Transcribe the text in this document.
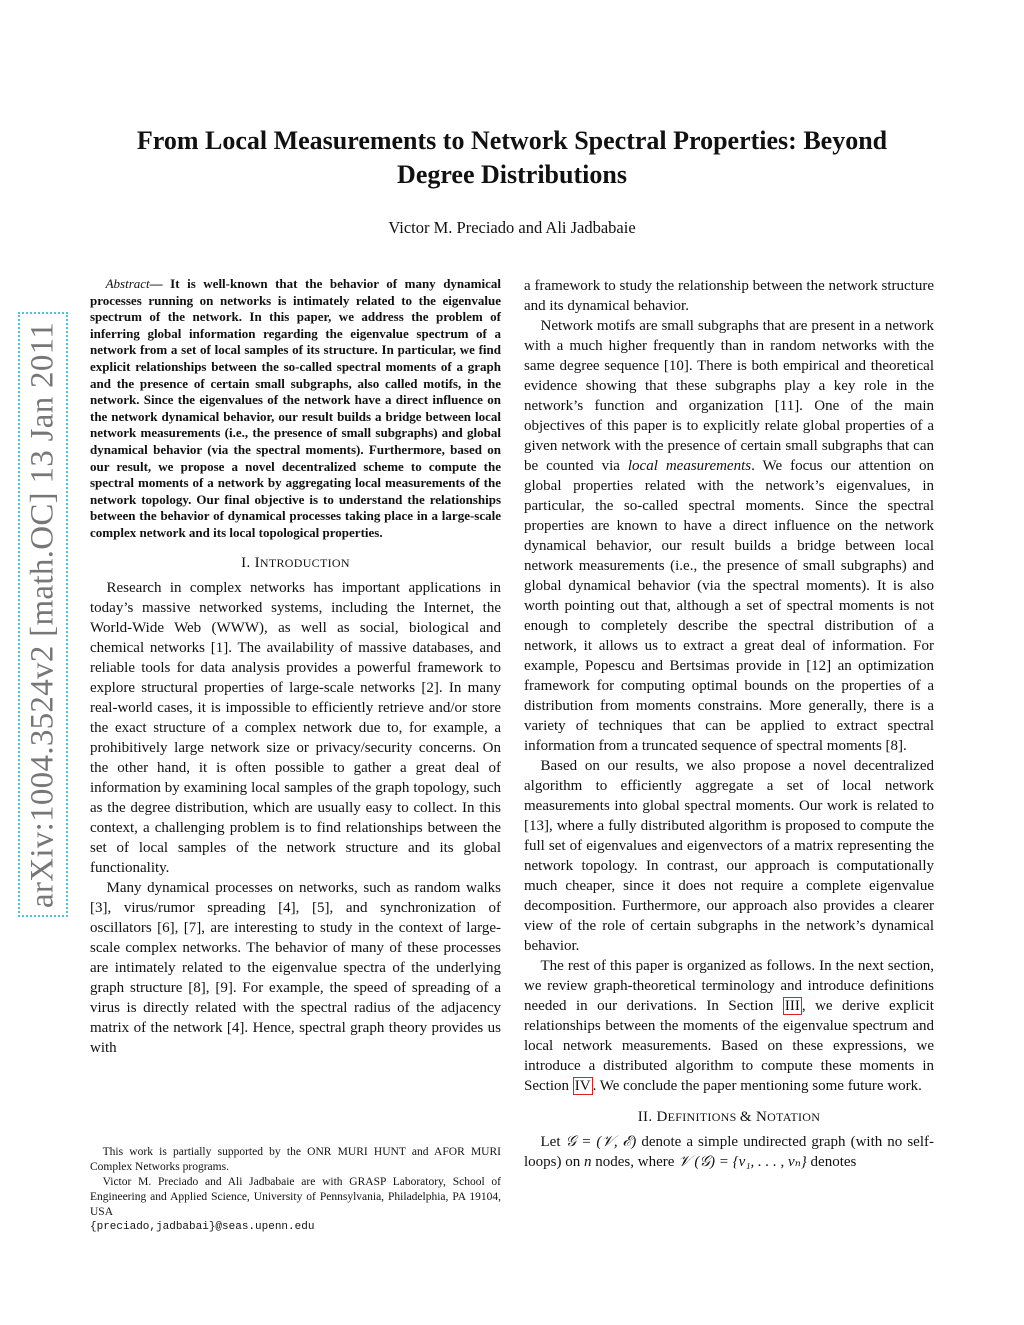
arXiv:1004.3524v2 [math.OC] 13 Jan 2011
From Local Measurements to Network Spectral Properties: Beyond
Degree Distributions
Victor M. Preciado and Ali Jadbabaie

Abstract— It is well-known that the behavior of many dynamical processes running on networks is intimately related to the eigenvalue spectrum of the network. In this paper, we address the problem of inferring global information regarding the eigenvalue spectrum of a network from a set of local samples of its structure. In particular, we find explicit relationships between the so-called spectral moments of a graph and the presence of certain small subgraphs, also called motifs, in the network. Since the eigenvalues of the network have a direct influence on the network dynamical behavior, our result builds a bridge between local network measurements (i.e., the presence of small subgraphs) and global dynamical behavior (via the spectral moments). Furthermore, based on our result, we propose a novel decentralized scheme to compute the spectral moments of a network by aggregating local measurements of the network topology. Our final objective is to understand the relationships between the behavior of dynamical processes taking place in a large-scale complex network and its local topological properties.

I. INTRODUCTION

Research in complex networks has important applications in today’s massive networked systems, including the Internet, the World-Wide Web (WWW), as well as social, biological and chemical networks [1]. The availability of massive databases, and reliable tools for data analysis provides a powerful framework to explore structural properties of large-scale networks [2]. In many real-world cases, it is impossible to efficiently retrieve and/or store the exact structure of a complex network due to, for example, a prohibitively large network size or privacy/security concerns. On the other hand, it is often possible to gather a great deal of information by examining local samples of the graph topology, such as the degree distribution, which are usually easy to collect. In this context, a challenging problem is to find relationships between the set of local samples of the network structure and its global functionality.

Many dynamical processes on networks, such as random walks [3], virus/rumor spreading [4], [5], and synchronization of oscillators [6], [7], are interesting to study in the context of large-scale complex networks. The behavior of many of these processes are intimately related to the eigenvalue spectra of the underlying graph structure [8], [9]. For example, the speed of spreading of a virus is directly related with the spectral radius of the adjacency matrix of the network [4]. Hence, spectral graph theory provides us with

This work is partially supported by the ONR MURI HUNT and AFOR MURI Complex Networks programs.

Victor M. Preciado and Ali Jadbabaie are with GRASP Laboratory, School of Engineering and Applied Science, University of Pennsylvania, Philadelphia, PA 19104, USA

{preciado,jadbabai}@seas.upenn.edu

a framework to study the relationship between the network structure and its dynamical behavior.

Network motifs are small subgraphs that are present in a network with a much higher frequently than in random networks with the same degree sequence [10]. There is both empirical and theoretical evidence showing that these subgraphs play a key role in the network’s function and organization [11]. One of the main objectives of this paper is to explicitly relate global properties of a given network with the presence of certain small subgraphs that can be counted via local measurements. We focus our attention on global properties related with the network’s eigenvalues, in particular, the so-called spectral moments. Since the spectral properties are known to have a direct influence on the network dynamical behavior, our result builds a bridge between local network measurements (i.e., the presence of small subgraphs) and global dynamical behavior (via the spectral moments). It is also worth pointing out that, although a set of spectral moments is not enough to completely describe the spectral distribution of a network, it allows us to extract a great deal of information. For example, Popescu and Bertsimas provide in [12] an optimization framework for computing optimal bounds on the properties of a distribution from moments constrains. More generally, there is a variety of techniques that can be applied to extract spectral information from a truncated sequence of spectral moments [8].

Based on our results, we also propose a novel decentralized algorithm to efficiently aggregate a set of local network measurements into global spectral moments. Our work is related to [13], where a fully distributed algorithm is proposed to compute the full set of eigenvalues and eigenvectors of a matrix representing the network topology. In contrast, our approach is computationally much cheaper, since it does not require a complete eigenvalue decomposition. Furthermore, our approach also provides a clearer view of the role of certain subgraphs in the network’s dynamical behavior.

The rest of this paper is organized as follows. In the next section, we review graph-theoretical terminology and introduce definitions needed in our derivations. In Section III , we derive explicit relationships between the moments of the eigenvalue spectrum and local network measurements. Based on these expressions, we introduce a distributed algorithm to compute these moments in Section IV . We conclude the paper mentioning some future work.

II. DEFINITIONS & NOTATION

Let 𝒢 = (𝒱, ℰ) denote a simple undirected graph (with no self-loops) on n nodes, where 𝒱 (𝒢) = {v₁, . . . , vₙ} denotes
